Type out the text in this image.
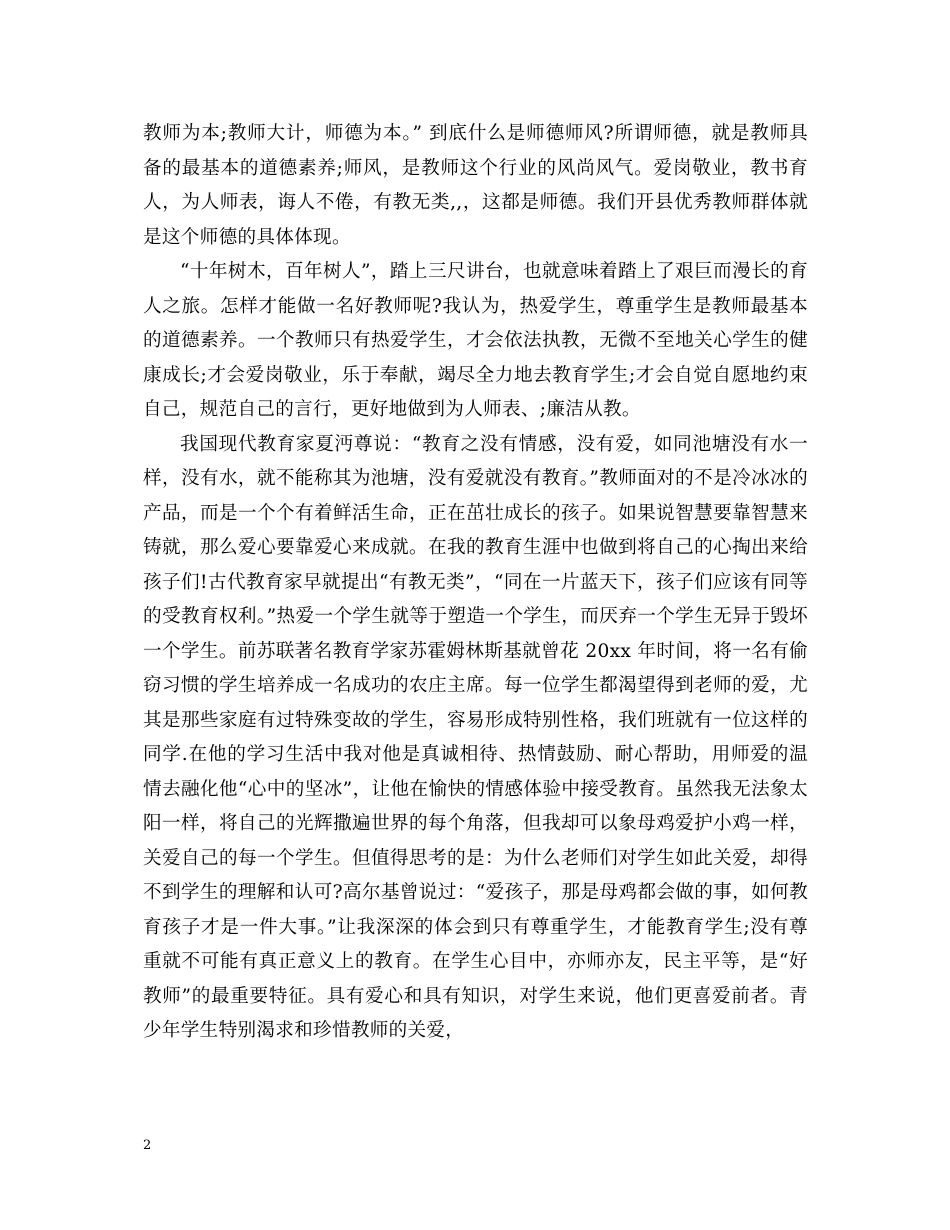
教师为本;教师大计，师德为本。” 到底什么是师德师风?所谓师德，就是教师具备的最基本的道德素养;师风，是教师这个行业的风尚风气。爱岗敬业，教书育人，为人师表，诲人不倦，有教无类,,，这都是师德。我们开县优秀教师群体就是这个师德的具体体现。

“十年树木，百年树人”，踏上三尺讲台，也就意味着踏上了艰巨而漫长的育人之旅。怎样才能做一名好教师呢?我认为，热爱学生，尊重学生是教师最基本的道德素养。一个教师只有热爱学生，才会依法执教，无微不至地关心学生的健康成长;才会爱岗敬业，乐于奉献，竭尽全力地去教育学生;才会自觉自愿地约束自己，规范自己的言行，更好地做到为人师表、;廉洁从教。

我国现代教育家夏沔尊说：“教育之没有情感，没有爱，如同池塘没有水一样，没有水，就不能称其为池塘，没有爱就没有教育。”教师面对的不是冷冰冰的产品，而是一个个有着鲜活生命，正在茁壮成长的孩子。如果说智慧要靠智慧来铸就，那么爱心要靠爱心来成就。在我的教育生涯中也做到将自己的心掏出来给孩子们!古代教育家早就提出“有教无类”，“同在一片蓝天下，孩子们应该有同等的受教育权利。”热爱一个学生就等于塑造一个学生，而厌弃一个学生无异于毁坏一个学生。前苏联著名教育学家苏霍姆林斯基就曾花 20xx 年时间，将一名有偷窃习惯的学生培养成一名成功的农庄主席。每一位学生都渴望得到老师的爱，尤其是那些家庭有过特殊变故的学生，容易形成特别性格，我们班就有一位这样的同学.在他的学习生活中我对他是真诚相待、热情鼓励、耐心帮助，用师爱的温情去融化他“心中的坚冰”，让他在愉快的情感体验中接受教育。虽然我无法象太阳一样，将自己的光辉撒遍世界的每个角落，但我却可以象母鸡爱护小鸡一样，关爱自己的每一个学生。但值得思考的是：为什么老师们对学生如此关爱，却得不到学生的理解和认可?高尔基曾说过：“爱孩子，那是母鸡都会做的事，如何教育孩子才是一件大事。”让我深深的体会到只有尊重学生，才能教育学生;没有尊重就不可能有真正意义上的教育。在学生心目中，亦师亦友，民主平等，是“好教师”的最重要特征。具有爱心和具有知识，对学生来说，他们更喜爱前者。青少年学生特别渴求和珍惜教师的关爱，

2
